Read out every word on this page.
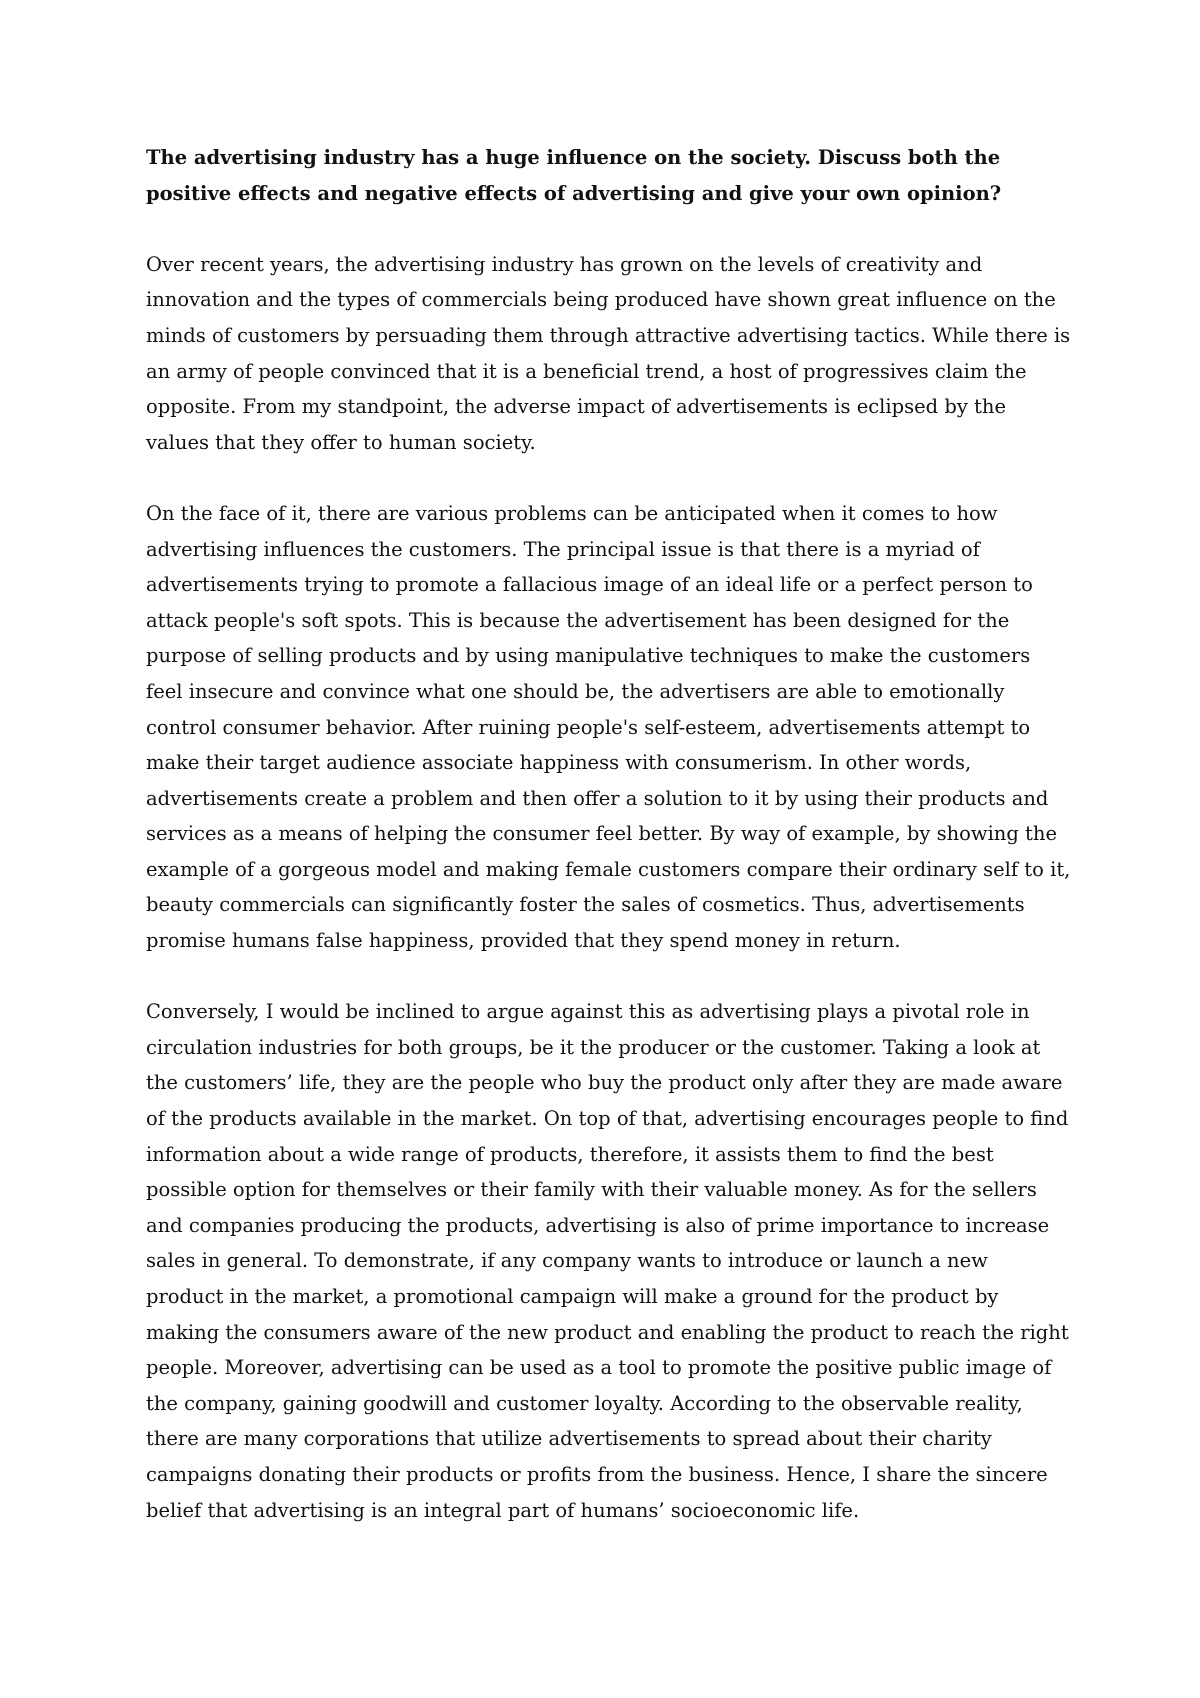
The advertising industry has a huge influence on the society. Discuss both the positive effects and negative effects of advertising and give your own opinion?

Over recent years, the advertising industry has grown on the levels of creativity and innovation and the types of commercials being produced have shown great influence on the minds of customers by persuading them through attractive advertising tactics. While there is an army of people convinced that it is a beneficial trend, a host of progressives claim the opposite. From my standpoint, the adverse impact of advertisements is eclipsed by the values that they offer to human society.

On the face of it, there are various problems can be anticipated when it comes to how advertising influences the customers. The principal issue is that there is a myriad of advertisements trying to promote a fallacious image of an ideal life or a perfect person to attack people's soft spots. This is because the advertisement has been designed for the purpose of selling products and by using manipulative techniques to make the customers feel insecure and convince what one should be, the advertisers are able to emotionally control consumer behavior. After ruining people's self-esteem, advertisements attempt to make their target audience associate happiness with consumerism. In other words, advertisements create a problem and then offer a solution to it by using their products and services as a means of helping the consumer feel better. By way of example, by showing the example of a gorgeous model and making female customers compare their ordinary self to it, beauty commercials can significantly foster the sales of cosmetics. Thus, advertisements promise humans false happiness, provided that they spend money in return.

Conversely, I would be inclined to argue against this as advertising plays a pivotal role in circulation industries for both groups, be it the producer or the customer. Taking a look at the customers’ life, they are the people who buy the product only after they are made aware of the products available in the market. On top of that, advertising encourages people to find information about a wide range of products, therefore, it assists them to find the best possible option for themselves or their family with their valuable money. As for the sellers and companies producing the products, advertising is also of prime importance to increase sales in general. To demonstrate, if any company wants to introduce or launch a new product in the market, a promotional campaign will make a ground for the product by making the consumers aware of the new product and enabling the product to reach the right people. Moreover, advertising can be used as a tool to promote the positive public image of the company, gaining goodwill and customer loyalty. According to the observable reality, there are many corporations that utilize advertisements to spread about their charity campaigns donating their products or profits from the business. Hence, I share the sincere belief that advertising is an integral part of humans’ socioeconomic life.
